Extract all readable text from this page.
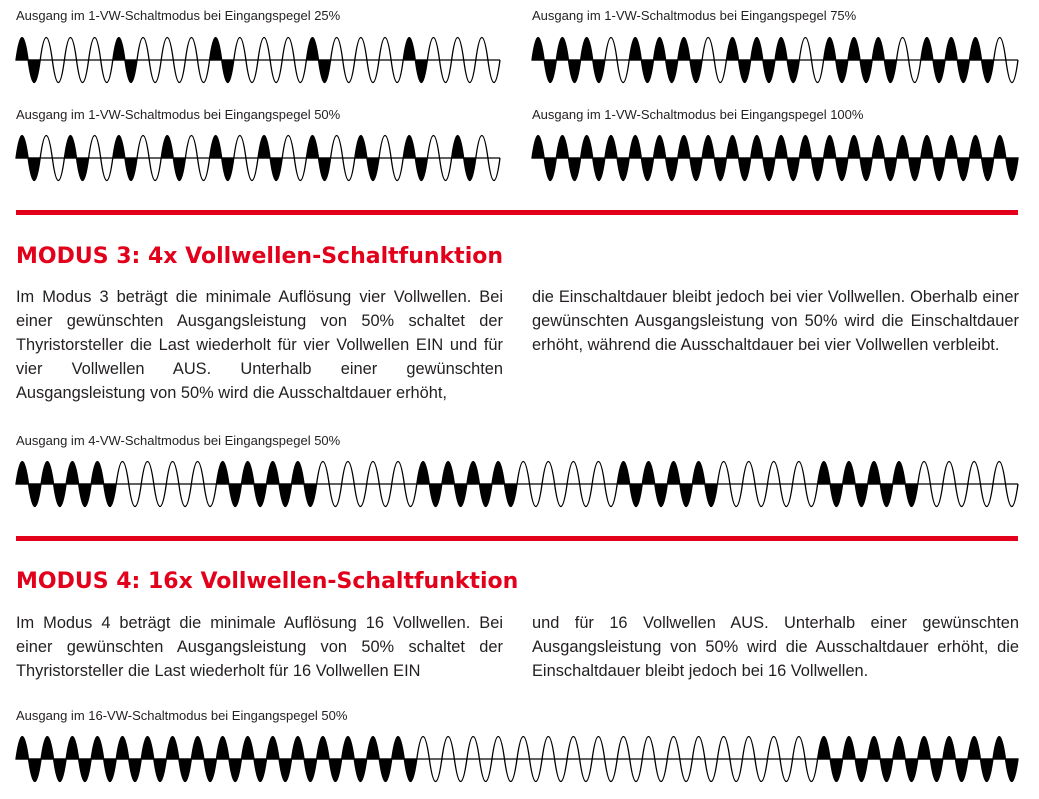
Ausgang im 1-VW-Schaltmodus bei Eingangspegel 25%	Ausgang im 1-VW-Schaltmodus bei Eingangspegel 75%
Ausgang im 1-VW-Schaltmodus bei Eingangspegel 50%	Ausgang im 1-VW-Schaltmodus bei Eingangspegel 100%
MODUS 3: 4x Vollwellen-Schaltfunktion

Im Modus 3 beträgt die minimale Auflösung vier Vollwellen. Bei einer gewünschten Ausgangsleistung von 50% schaltet der Thyristorsteller die Last wiederholt für vier Vollwellen EIN und für vier Vollwellen AUS. Unterhalb einer gewünschten Ausgangsleistung von 50% wird die Ausschaltdauer erhöht,

die Einschaltdauer bleibt jedoch bei vier Vollwellen. Oberhalb einer gewünschten Ausgangsleistung von 50% wird die Einschaltdauer erhöht, während die Ausschaltdauer bei vier Vollwellen verbleibt.

Ausgang im 4-VW-Schaltmodus bei Eingangspegel 50%
MODUS 4: 16x Vollwellen-Schaltfunktion

Im Modus 4 beträgt die minimale Auflösung 16 Vollwellen. Bei einer gewünschten Ausgangsleistung von 50% schaltet der Thyristorsteller die Last wiederholt für 16 Vollwellen EIN

und für 16 Vollwellen AUS. Unterhalb einer gewünschten Ausgangsleistung von 50% wird die Ausschaltdauer erhöht, die Einschaltdauer bleibt jedoch bei 16 Vollwellen.

Ausgang im 16-VW-Schaltmodus bei Eingangspegel 50%
